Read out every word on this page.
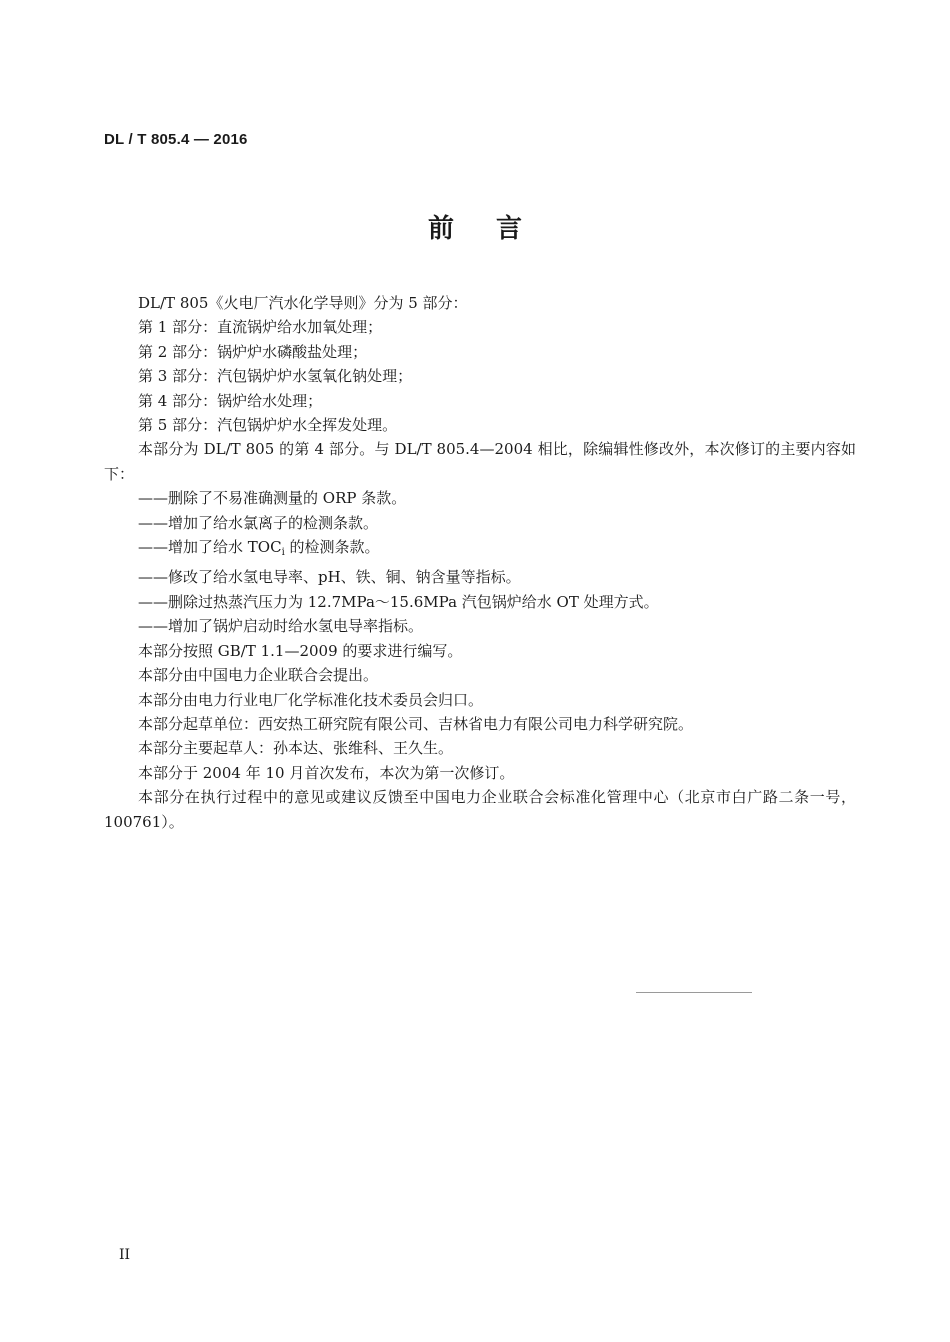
DL / T 805.4 — 2016
前言

DL/T 805《火电厂汽水化学导则》分为 5 部分：

第 1 部分：直流锅炉给水加氧处理；

第 2 部分：锅炉炉水磷酸盐处理；

第 3 部分：汽包锅炉炉水氢氧化钠处理；

第 4 部分：锅炉给水处理；

第 5 部分：汽包锅炉炉水全挥发处理。

本部分为 DL/T 805 的第 4 部分。与 DL/T 805.4—2004 相比，除编辑性修改外，本次修订的主要内容如下：

——删除了不易准确测量的 ORP 条款。

——增加了给水氯离子的检测条款。

——增加了给水 $TOC_i$ 的检测条款。

——修改了给水氢电导率、pH、铁、铜、钠含量等指标。

——删除过热蒸汽压力为 12.7MPa～15.6MPa 汽包锅炉给水 OT 处理方式。

——增加了锅炉启动时给水氢电导率指标。

本部分按照 GB/T 1.1—2009 的要求进行编写。

本部分由中国电力企业联合会提出。

本部分由电力行业电厂化学标准化技术委员会归口。

本部分起草单位：西安热工研究院有限公司、吉林省电力有限公司电力科学研究院。

本部分主要起草人：孙本达、张维科、王久生。

本部分于 2004 年 10 月首次发布，本次为第一次修订。

本部分在执行过程中的意见或建议反馈至中国电力企业联合会标准化管理中心（北京市白广路二条一号，100761）。

II
